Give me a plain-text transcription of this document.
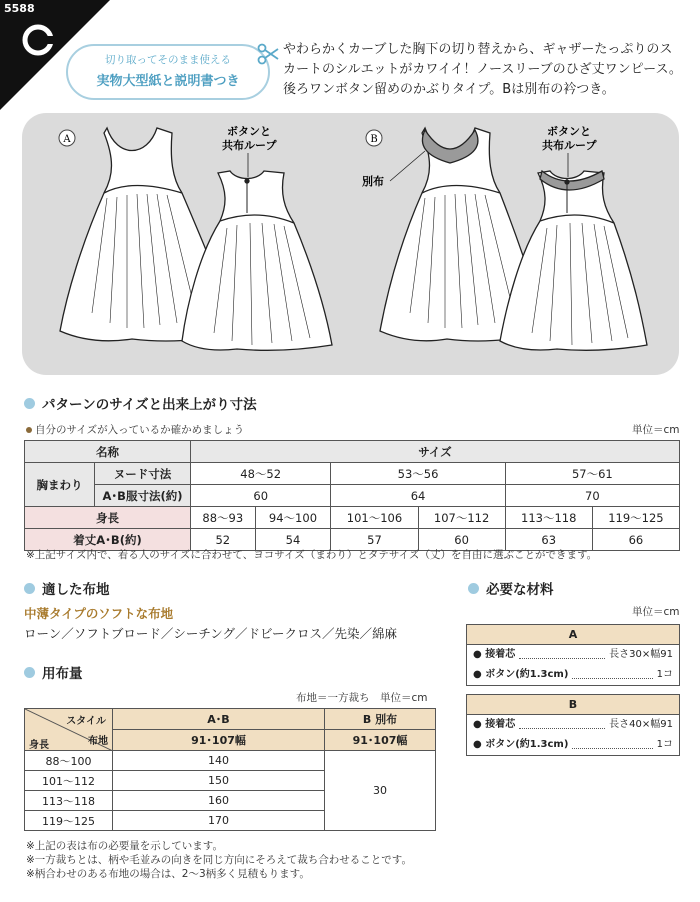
5588
切り取ってそのまま使える
実物大型紙と説明書つき
やわらかくカーブした胸下の切り替えから、ギャザーたっぷりのスカートのシルエットがカワイイ！ノースリーブのひざ丈ワンピース。後ろワンボタン留めのかぶりタイプ。Bは別布の衿つき。
A
ボタンと
共布ループ	B
別布
ボタンと
共布ループ
パターンのサイズと出来上がり寸法
自分のサイズが入っているか確かめましょう	単位＝cm
名称		サイズ					
胸まわり	ヌード寸法	48〜52		53〜56		57〜61	
	A･B服寸法(約)	60		64		70	
身長		88〜93	94〜100	101〜106	107〜112	113〜118	119〜125
着丈A･B(約)		52	54	57	60	63	66
※上記サイズ内で、着る人のサイズに合わせて、ヨコサイズ（まわり）とタテサイズ（丈）を自由に選ぶことができます。
適した布地
中薄タイプのソフトな布地
ローン／ソフトブロード／シーチング／ドビークロス／先染／綿麻
用布量
布地＝一方裁ち　単位＝cm
スタイル
布地
身長	A･B	B 別布
	91･107幅	91･107幅
88〜100	140	30
101〜112	150	
113〜118	160	
119〜125	170	
※上記の表は布の必要量を示しています。
※一方裁ちとは、柄や毛並みの向きを同じ方向にそろえて裁ち合わせることです。
※柄合わせのある布地の場合は、2〜3柄多く見積もります。
必要な材料
単位＝cm
A
● 接着芯	長さ30×幅91
● ボタン(約1.3cm)	1コ
B
● 接着芯	長さ40×幅91
● ボタン(約1.3cm)	1コ
